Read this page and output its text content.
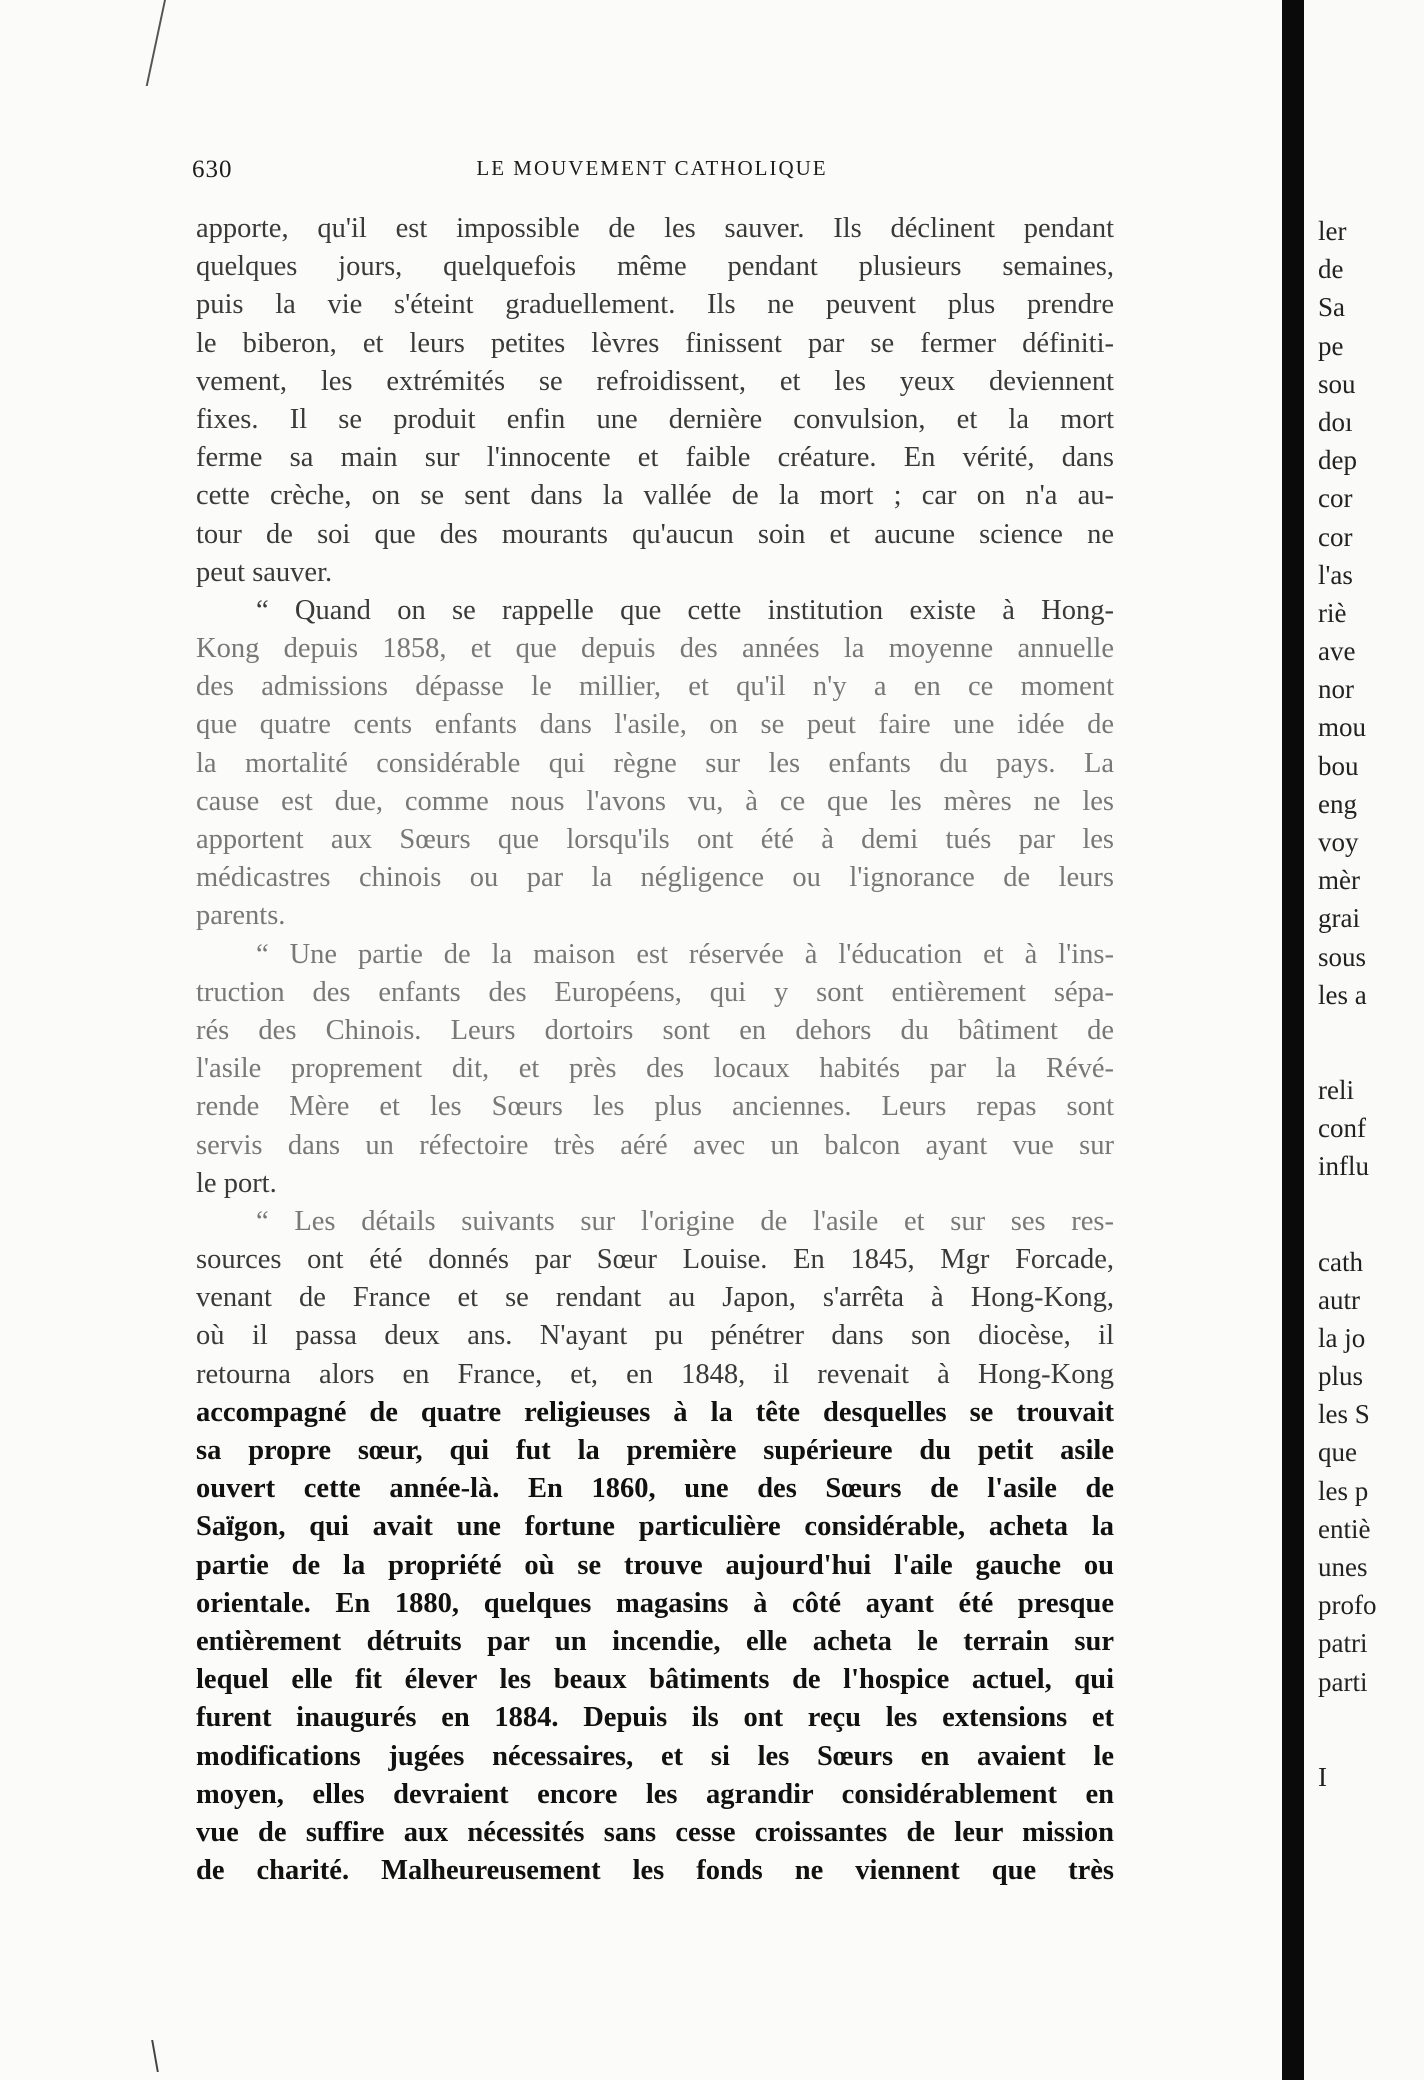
630	LE MOUVEMENT CATHOLIQUE
apporte, qu'il est impossible de les sauver. Ils déclinent pendant
quelques jours, quelquefois même pendant plusieurs semaines,
puis la vie s'éteint graduellement. Ils ne peuvent plus prendre
le biberon, et leurs petites lèvres finissent par se fermer définiti-
vement, les extrémités se refroidissent, et les yeux deviennent
fixes. Il se produit enfin une dernière convulsion, et la mort
ferme sa main sur l'innocente et faible créature. En vérité, dans
cette crèche, on se sent dans la vallée de la mort ; car on n'a au-
tour de soi que des mourants qu'aucun soin et aucune science ne
peut sauver.
“ Quand on se rappelle que cette institution existe à Hong-
Kong depuis 1858, et que depuis des années la moyenne annuelle
des admissions dépasse le millier, et qu'il n'y a en ce moment
que quatre cents enfants dans l'asile, on se peut faire une idée de
la mortalité considérable qui règne sur les enfants du pays. La
cause est due, comme nous l'avons vu, à ce que les mères ne les
apportent aux Sœurs que lorsqu'ils ont été à demi tués par les
médicastres chinois ou par la négligence ou l'ignorance de leurs
parents.
“ Une partie de la maison est réservée à l'éducation et à l'ins-
truction des enfants des Européens, qui y sont entièrement sépa-
rés des Chinois. Leurs dortoirs sont en dehors du bâtiment de
l'asile proprement dit, et près des locaux habités par la Révé-
rende Mère et les Sœurs les plus anciennes. Leurs repas sont
servis dans un réfectoire très aéré avec un balcon ayant vue sur
le port.
“ Les détails suivants sur l'origine de l'asile et sur ses res-
sources ont été donnés par Sœur Louise. En 1845, Mgr Forcade,
venant de France et se rendant au Japon, s'arrêta à Hong-Kong,
où il passa deux ans. N'ayant pu pénétrer dans son diocèse, il
retourna alors en France, et, en 1848, il revenait à Hong-Kong
accompagné de quatre religieuses à la tête desquelles se trouvait
sa propre sœur, qui fut la première supérieure du petit asile
ouvert cette année-là. En 1860, une des Sœurs de l'asile de
Saïgon, qui avait une fortune particulière considérable, acheta la
partie de la propriété où se trouve aujourd'hui l'aile gauche ou
orientale. En 1880, quelques magasins à côté ayant été presque
entièrement détruits par un incendie, elle acheta le terrain sur
lequel elle fit élever les beaux bâtiments de l'hospice actuel, qui
furent inaugurés en 1884. Depuis ils ont reçu les extensions et
modifications jugées nécessaires, et si les Sœurs en avaient le
moyen, elles devraient encore les agrandir considérablement en
vue de suffire aux nécessités sans cesse croissantes de leur mission
de charité. Malheureusement les fonds ne viennent que très
ler
de
Sa
pe
sou
doı
dep
cor
cor
l'as
riè
ave
nor
mou
bou
eng
voy
mèr
grai
sous
les a
reli
conf
influ
cath
autr
la jo
plus
les S
que
les p
entiè
unes
profo
patri
parti
I
